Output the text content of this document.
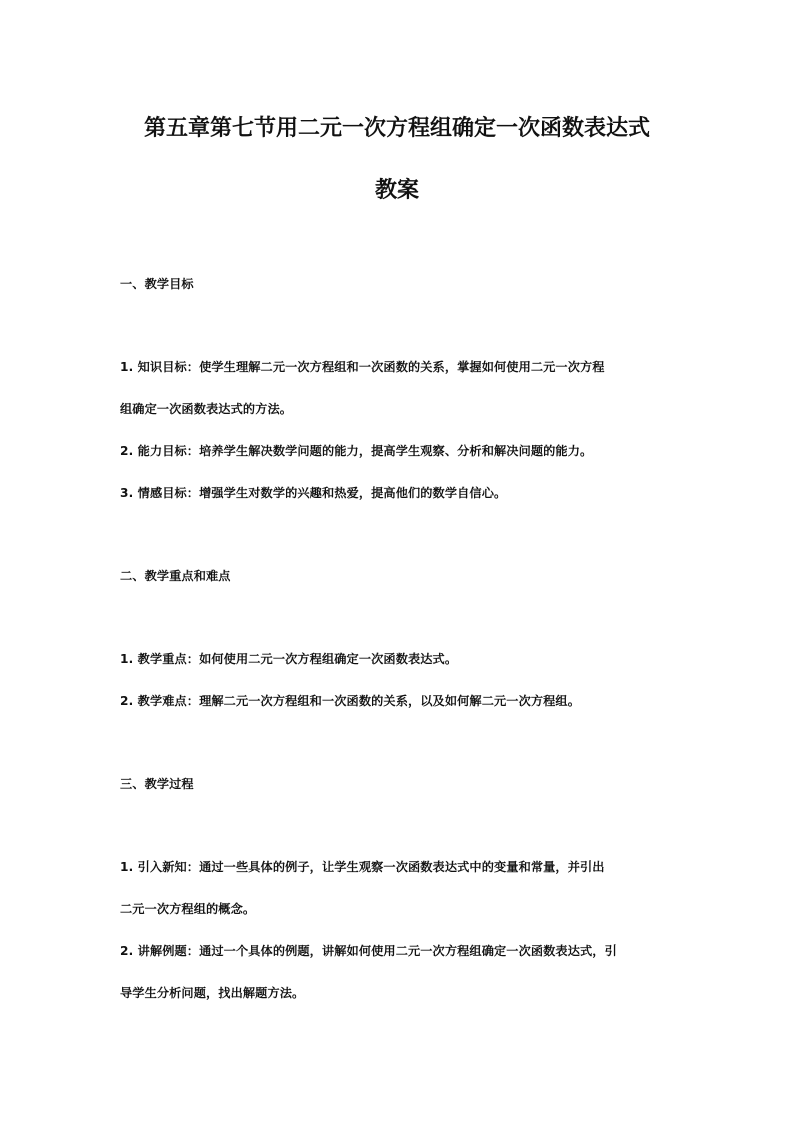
第五章第七节用二元一次方程组确定一次函数表达式
教案
一、教学目标
1. 知识目标：使学生理解二元一次方程组和一次函数的关系，掌握如何使用二元一次方程
组确定一次函数表达式的方法。
2. 能力目标：培养学生解决数学问题的能力，提高学生观察、分析和解决问题的能力。
3. 情感目标：增强学生对数学的兴趣和热爱，提高他们的数学自信心。
二、教学重点和难点
1. 教学重点：如何使用二元一次方程组确定一次函数表达式。
2. 教学难点：理解二元一次方程组和一次函数的关系，以及如何解二元一次方程组。
三、教学过程
1. 引入新知：通过一些具体的例子，让学生观察一次函数表达式中的变量和常量，并引出
二元一次方程组的概念。
2. 讲解例题：通过一个具体的例题，讲解如何使用二元一次方程组确定一次函数表达式，引
导学生分析问题，找出解题方法。
